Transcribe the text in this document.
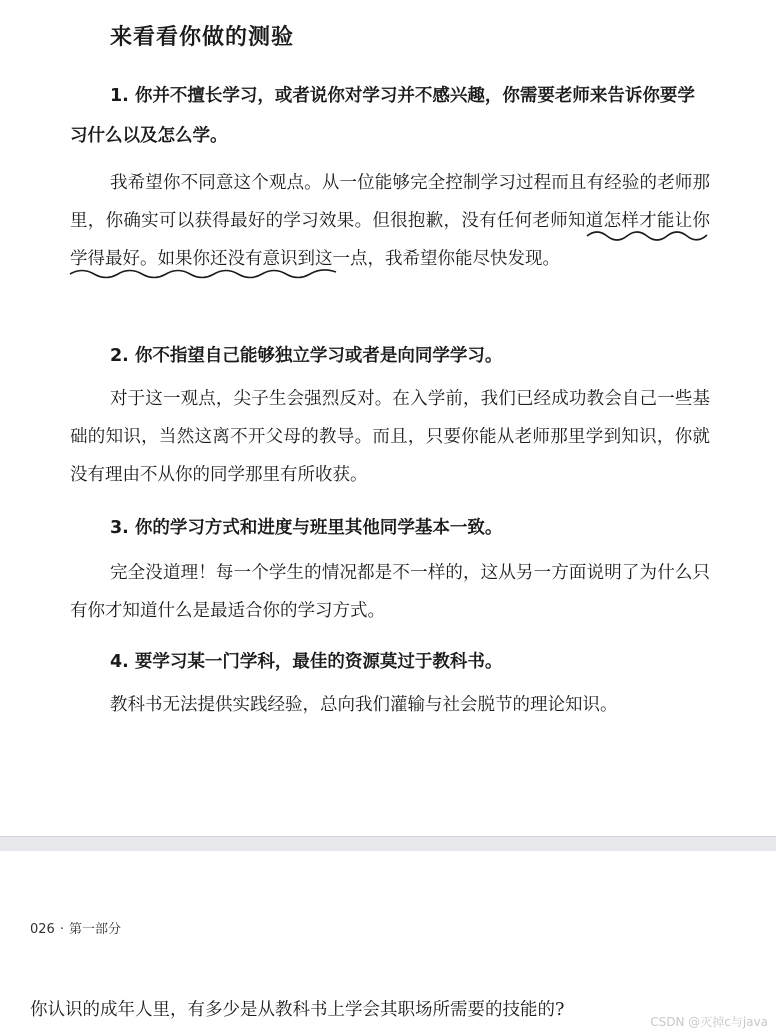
来看看你做的测验

1. 你并不擅长学习，或者说你对学习并不感兴趣，你需要老师来告诉你要学习什么以及怎么学。

我希望你不同意这个观点。从一位能够完全控制学习过程而且有经验的老师那里，你确实可以获得最好的学习效果。但很抱歉，没有任何老师知道怎样才能让你学得最好。如果你还没有意识到这一点，我希望你能尽快发现。

2. 你不指望自己能够独立学习或者是向同学学习。

对于这一观点，尖子生会强烈反对。在入学前，我们已经成功教会自己一些基础的知识，当然这离不开父母的教导。而且，只要你能从老师那里学到知识，你就没有理由不从你的同学那里有所收获。

3. 你的学习方式和进度与班里其他同学基本一致。

完全没道理！每一个学生的情况都是不一样的，这从另一方面说明了为什么只有你才知道什么是最适合你的学习方式。

4. 要学习某一门学科，最佳的资源莫过于教科书。

教科书无法提供实践经验，总向我们灌输与社会脱节的理论知识。

026 · 第一部分

你认识的成年人里，有多少是从教科书上学会其职场所需要的技能的?

CSDN @灭掉c与java
